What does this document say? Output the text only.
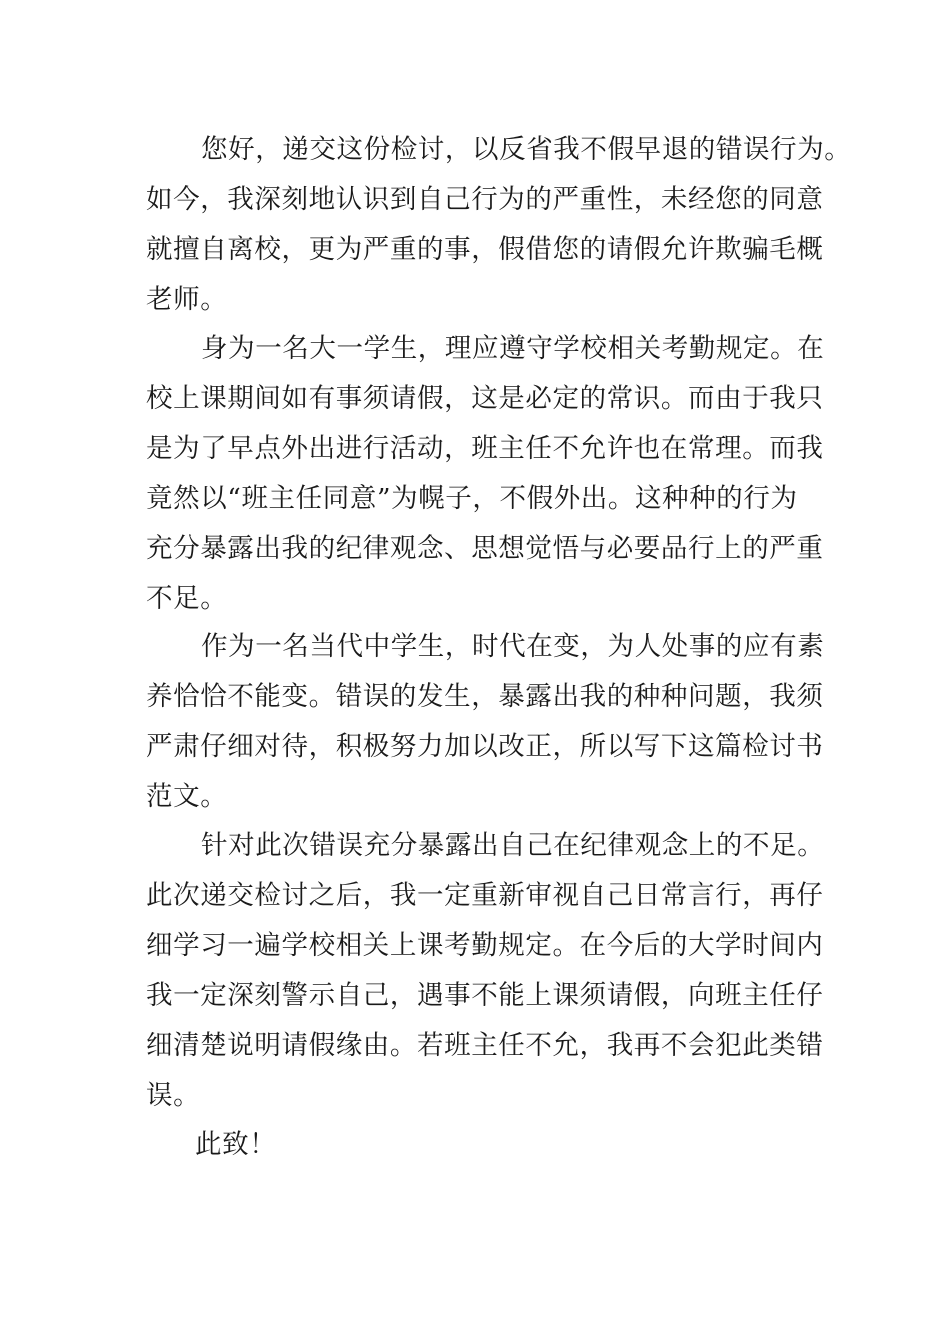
您好，递交这份检讨，以反省我不假早退的错误行为。
如今，我深刻地认识到自己行为的严重性，未经您的同意
就擅自离校，更为严重的事，假借您的请假允许欺骗毛概
老师。
身为一名大一学生，理应遵守学校相关考勤规定。在
校上课期间如有事须请假，这是必定的常识。而由于我只
是为了早点外出进行活动，班主任不允许也在常理。而我
竟然以“班主任同意”为幌子，不假外出。这种种的行为
充分暴露出我的纪律观念、思想觉悟与必要品行上的严重
不足。
作为一名当代中学生，时代在变，为人处事的应有素
养恰恰不能变。错误的发生，暴露出我的种种问题，我须
严肃仔细对待，积极努力加以改正，所以写下这篇检讨书
范文。
针对此次错误充分暴露出自己在纪律观念上的不足。
此次递交检讨之后，我一定重新审视自己日常言行，再仔
细学习一遍学校相关上课考勤规定。在今后的大学时间内
我一定深刻警示自己，遇事不能上课须请假，向班主任仔
细清楚说明请假缘由。若班主任不允，我再不会犯此类错
误。

此致！
